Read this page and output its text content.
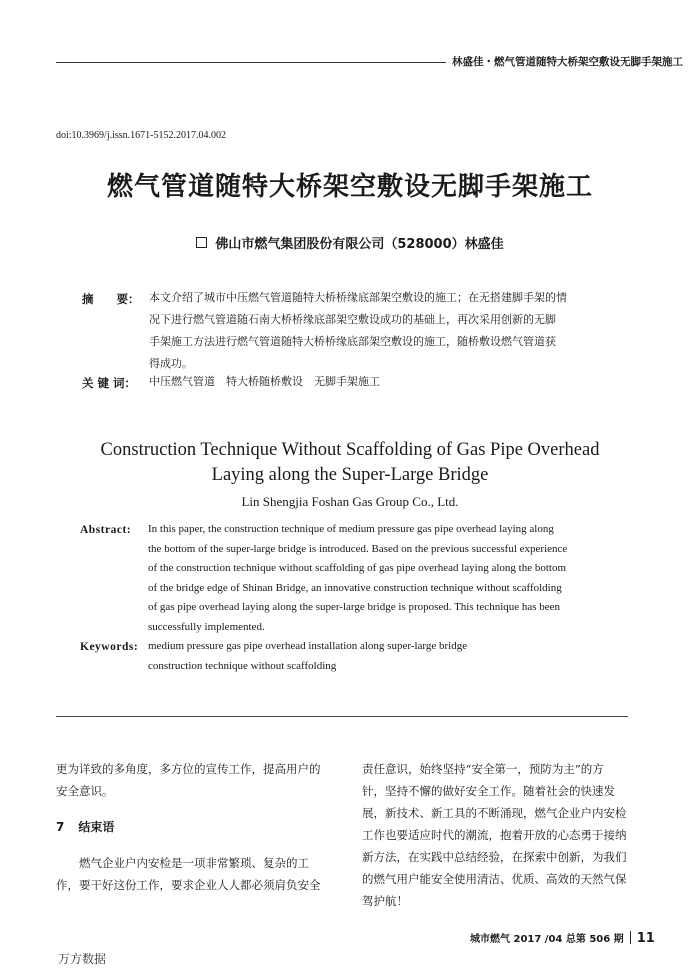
林盛佳・燃气管道随特大桥架空敷设无脚手架施工
doi:10.3969/j.issn.1671-5152.2017.04.002
燃气管道随特大桥架空敷设无脚手架施工
佛山市燃气集团股份有限公司（528000）林盛佳
摘　　要： 本文介绍了城市中压燃气管道随特大桥桥缘底部架空敷设的施工；在无搭建脚手架的情
况下进行燃气管道随石南大桥桥缘底部架空敷设成功的基础上，再次采用创新的无脚
手架施工方法进行燃气管道随特大桥桥缘底部架空敷设的施工，随桥敷设燃气管道获
得成功。
关 键 词： 中压燃气管道　特大桥随桥敷设　无脚手架施工
Construction Technique Without Scaffolding of Gas Pipe Overhead
Laying along the Super-Large Bridge
Lin Shengjia Foshan Gas Group Co., Ltd.
Abstract: In this paper, the construction technique of medium pressure gas pipe overhead laying along
the bottom of the super-large bridge is introduced. Based on the previous successful experience
of the construction technique without scaffolding of gas pipe overhead laying along the bottom
of the bridge edge of Shinan Bridge, an innovative construction technique without scaffolding
of gas pipe overhead laying along the super-large bridge is proposed. This technique has been
successfully implemented.
Keywords: medium pressure gas pipe overhead installation along super-large bridge
construction technique without scaffolding
更为详致的多角度，多方位的宣传工作，提高用户的
安全意识。
7 结束语
　　燃气企业户内安检是一项非常繁琐、复杂的工
作，要干好这份工作，要求企业人人都必须肩负安全
责任意识，始终坚持“安全第一，预防为主”的方
针，坚持不懈的做好安全工作。随着社会的快速发
展，新技术、新工具的不断涌现，燃气企业户内安检
工作也要适应时代的潮流，抱着开放的心态勇于接纳
新方法，在实践中总结经验，在探索中创新，为我们
的燃气用户能安全使用清洁、优质、高效的天然气保
驾护航！
城市燃气 2017 /04 总第 506 期 11
万方数据
